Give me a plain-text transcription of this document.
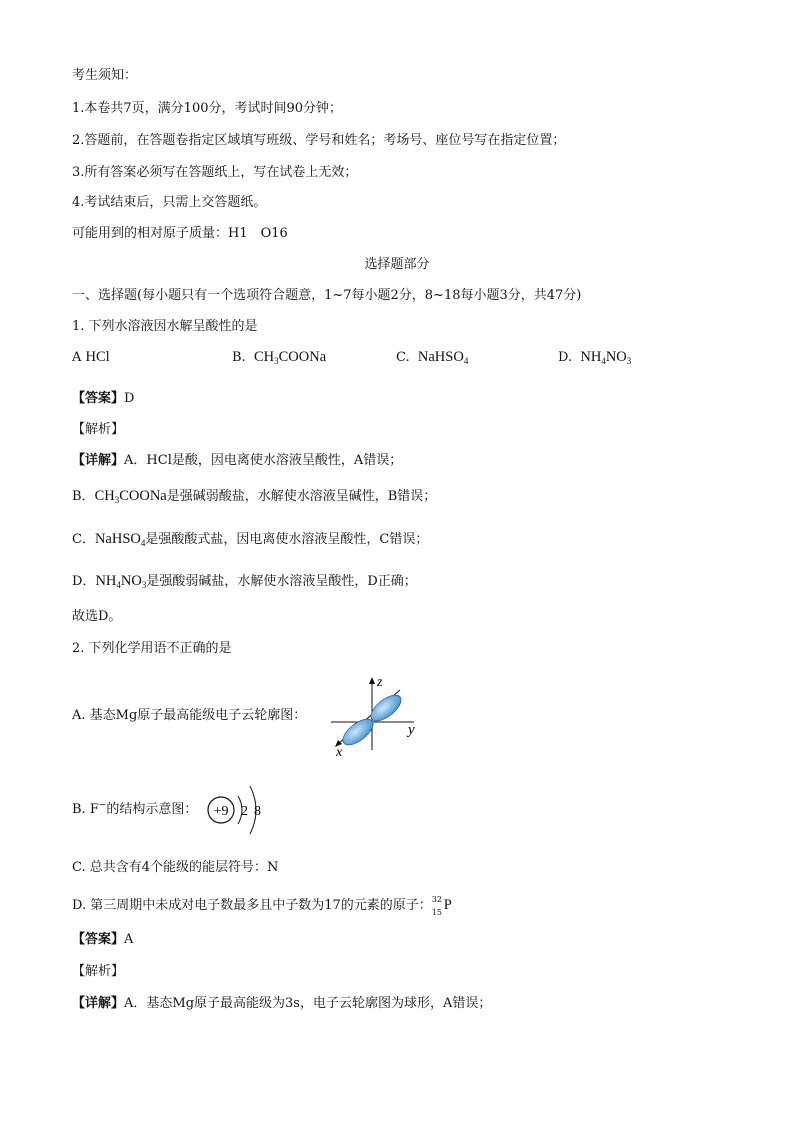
考生须知：
1.本卷共7页，满分100分，考试时间90分钟；
2.答题前，在答题卷指定区域填写班级、学号和姓名；考场号、座位号写在指定位置；
3.所有答案必须写在答题纸上，写在试卷上无效；
4.考试结束后，只需上交答题纸。
可能用到的相对原子质量：H1　O16
选择题部分
一、选择题(每小题只有一个选项符合题意，1~7每小题2分，8~18每小题3分，共47分)
1. 下列水溶液因水解呈酸性的是
A HCl	B. $CH_3COONa$	C. NaHSO$_4$	D. $NH_4NO_3$
【答案】D
【解析】
【详解】A．HCl是酸，因电离使水溶液呈酸性，A错误；
B．$CH_3COONa$是强碱弱酸盐，水解使水溶液呈碱性，B错误；
C．NaHSO$_4$是强酸酸式盐，因电离使水溶液呈酸性，C错误；
D．$NH_4NO_3$是强酸弱碱盐，水解使水溶液呈酸性，D正确；
故选D。
2. 下列化学用语不正确的是
A. 基态Mg原子最高能级电子云轮廓图：
z
y
x
B. F−的结构示意图： +9 2 8
C. 总共含有4个能级的能层符号：N
D. 第三周期中未成对电子数最多且中子数为17的元素的原子： 32
15 P
【答案】A
【解析】
【详解】A．基态Mg原子最高能级为3s，电子云轮廓图为球形，A错误；
